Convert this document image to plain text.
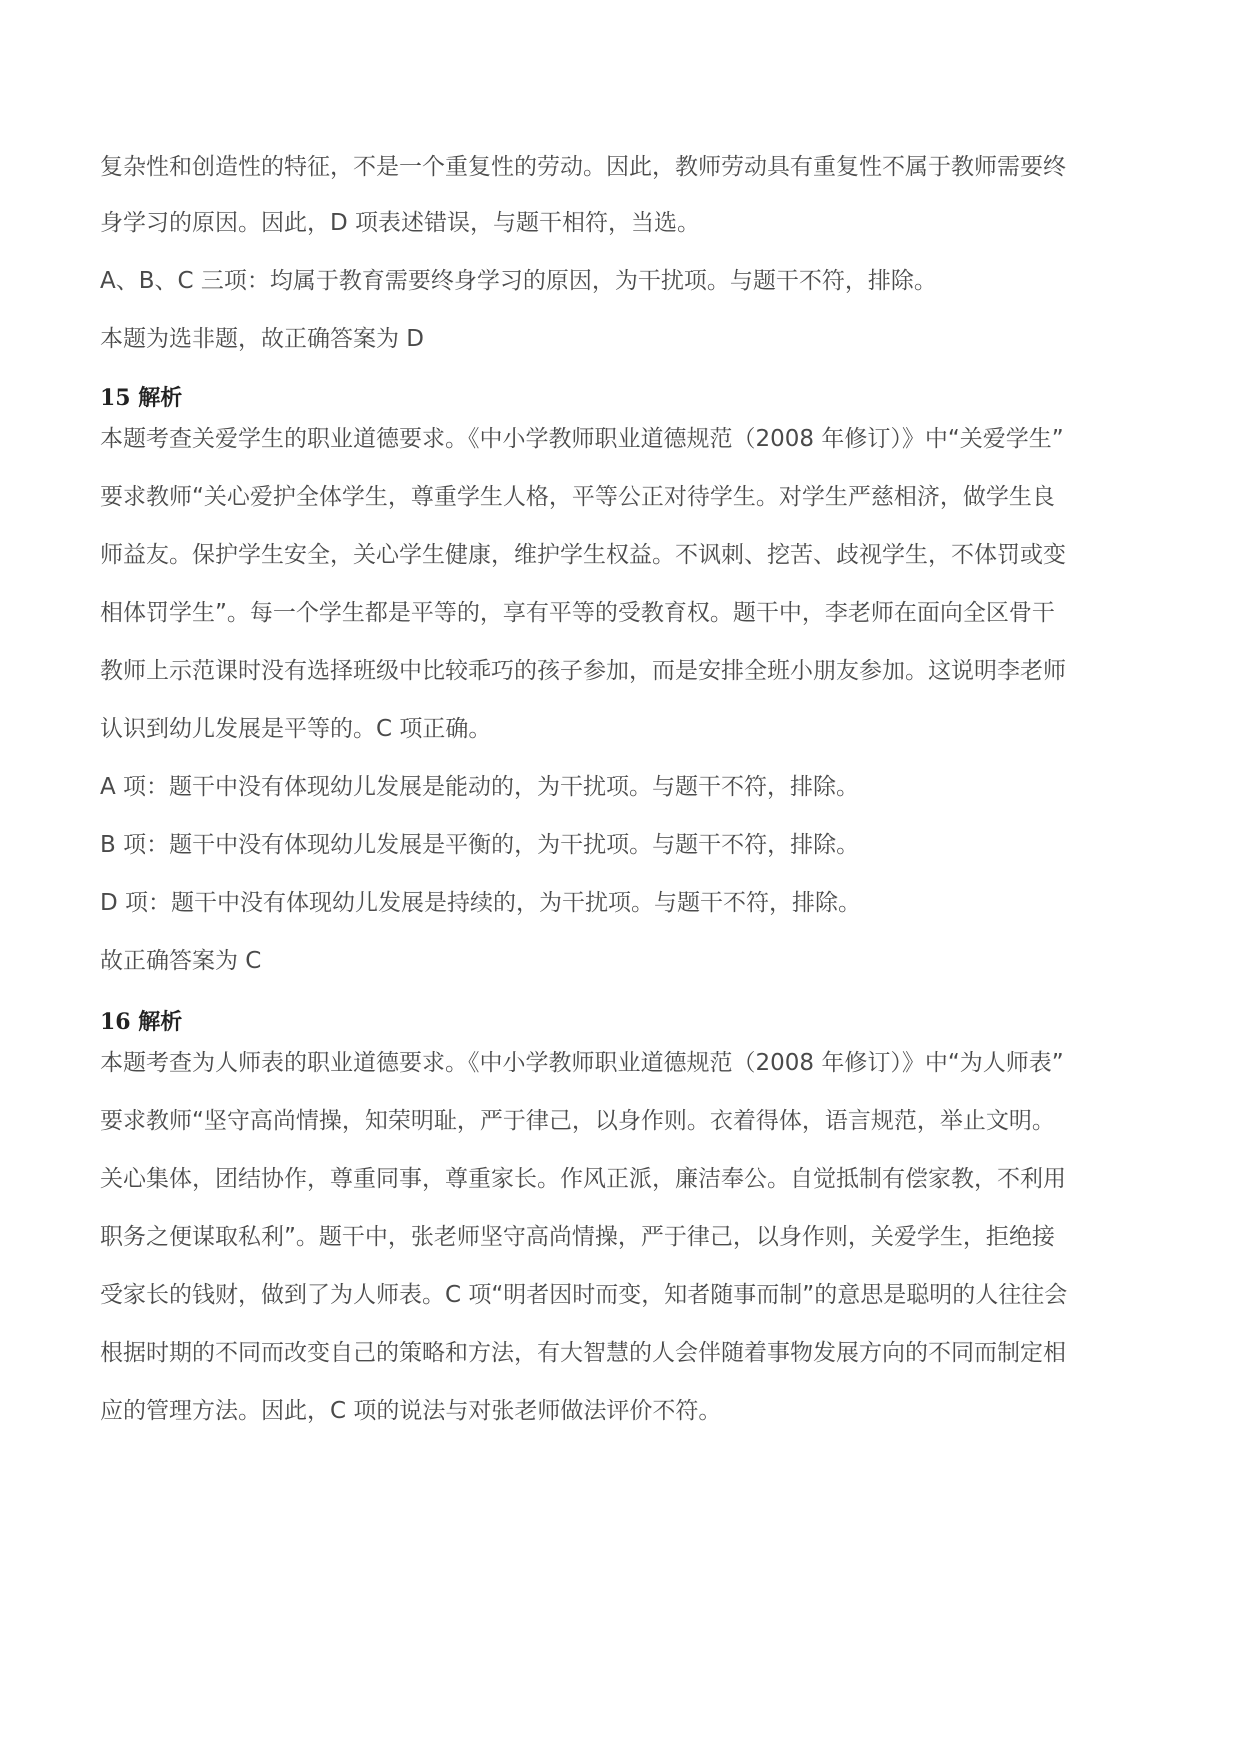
复杂性和创造性的特征，不是一个重复性的劳动。因此，教师劳动具有重复性不属于教师需要终

身学习的原因。因此，D 项表述错误，与题干相符，当选。

A、B、C 三项：均属于教育需要终身学习的原因，为干扰项。与题干不符，排除。

本题为选非题，故正确答案为 D

15 解析

本题考查关爱学生的职业道德要求。《中小学教师职业道德规范（2008 年修订）》中“关爱学生”

要求教师“关心爱护全体学生，尊重学生人格，平等公正对待学生。对学生严慈相济，做学生良

师益友。保护学生安全，关心学生健康，维护学生权益。不讽刺、挖苦、歧视学生，不体罚或变

相体罚学生”。每一个学生都是平等的，享有平等的受教育权。题干中，李老师在面向全区骨干

教师上示范课时没有选择班级中比较乖巧的孩子参加，而是安排全班小朋友参加。这说明李老师

认识到幼儿发展是平等的。C 项正确。

A 项：题干中没有体现幼儿发展是能动的，为干扰项。与题干不符，排除。

B 项：题干中没有体现幼儿发展是平衡的，为干扰项。与题干不符，排除。

D 项：题干中没有体现幼儿发展是持续的，为干扰项。与题干不符，排除。

故正确答案为 C

16 解析

本题考查为人师表的职业道德要求。《中小学教师职业道德规范（2008 年修订）》中“为人师表”

要求教师“坚守高尚情操，知荣明耻，严于律己，以身作则。衣着得体，语言规范，举止文明。

关心集体，团结协作，尊重同事，尊重家长。作风正派，廉洁奉公。自觉抵制有偿家教，不利用

职务之便谋取私利”。题干中，张老师坚守高尚情操，严于律己，以身作则，关爱学生，拒绝接

受家长的钱财，做到了为人师表。C 项“明者因时而变，知者随事而制”的意思是聪明的人往往会

根据时期的不同而改变自己的策略和方法，有大智慧的人会伴随着事物发展方向的不同而制定相

应的管理方法。因此，C 项的说法与对张老师做法评价不符。
